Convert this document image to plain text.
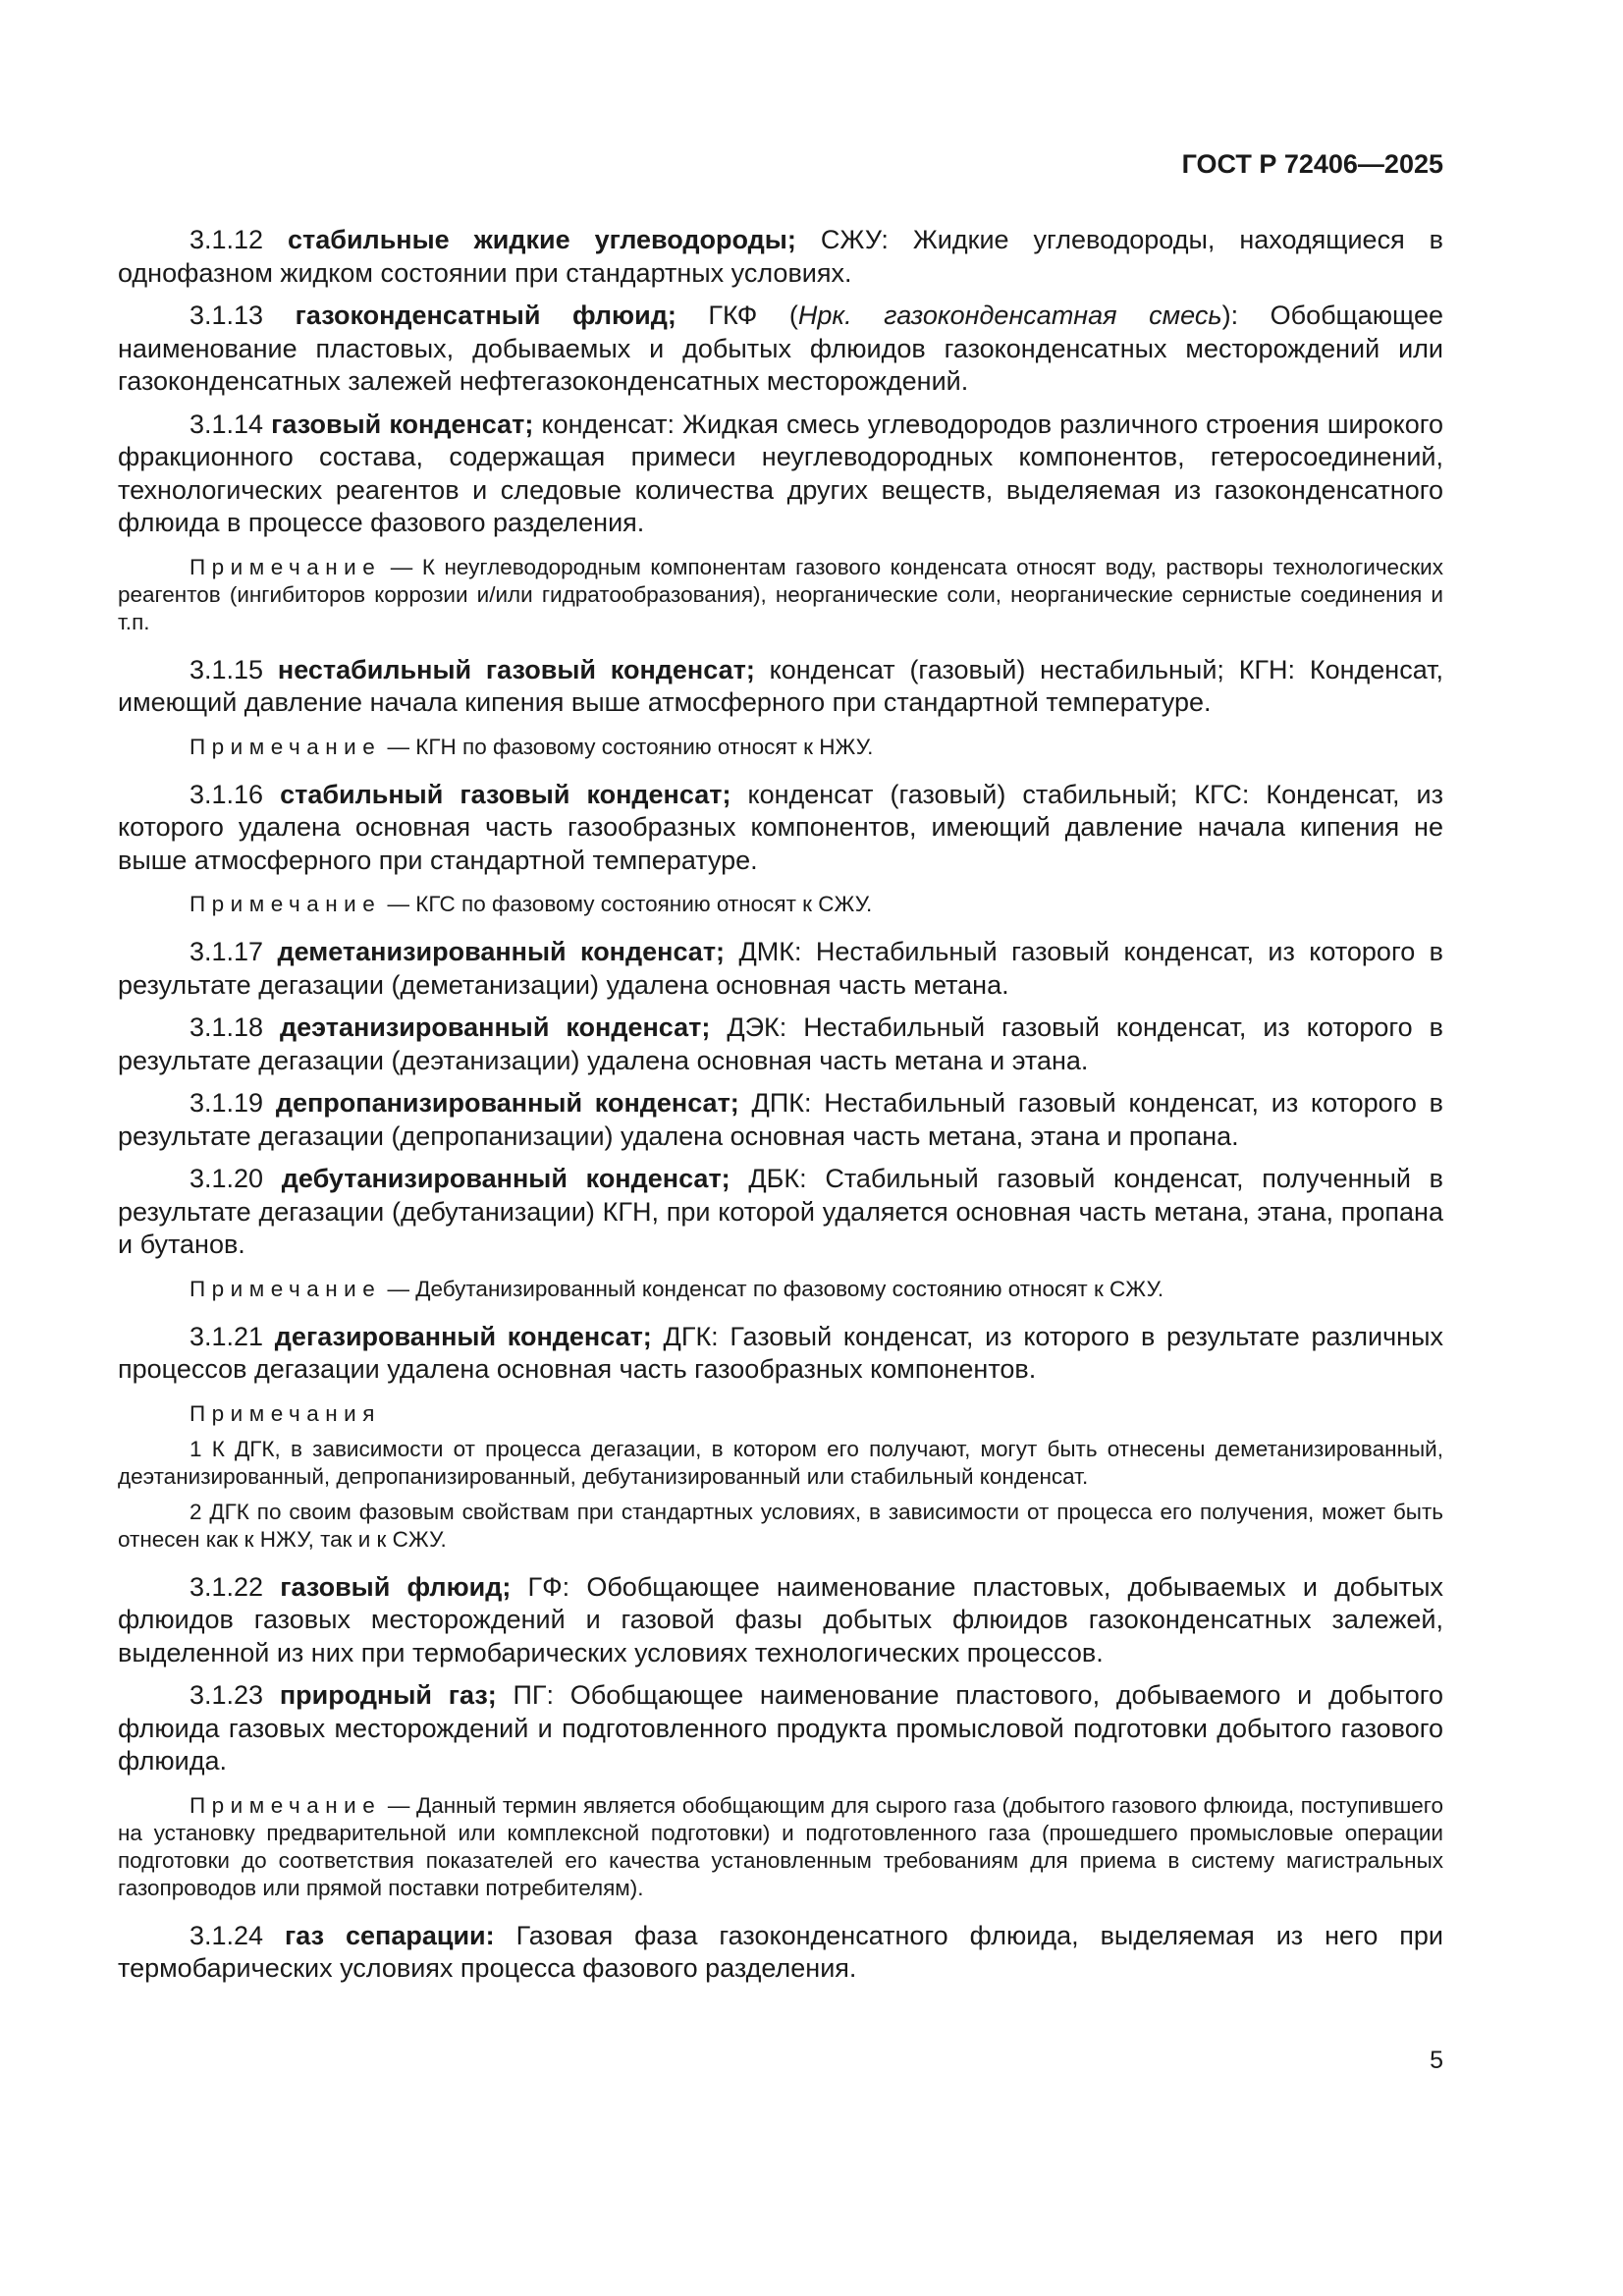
ГОСТ Р 72406—2025

3.1.12 стабильные жидкие углеводороды; СЖУ: Жидкие углеводороды, находящиеся в однофазном жидком состоянии при стандартных условиях.

3.1.13 газоконденсатный флюид; ГКФ (Нрк. газоконденсатная смесь): Обобщающее наименование пластовых, добываемых и добытых флюидов газоконденсатных месторождений или газоконденсатных залежей нефтегазоконденсатных месторождений.

3.1.14 газовый конденсат; конденсат: Жидкая смесь углеводородов различного строения широкого фракционного состава, содержащая примеси неуглеводородных компонентов, гетеросоединений, технологических реагентов и следовые количества других веществ, выделяемая из газоконденсатного флюида в процессе фазового разделения.

Примечание — К неуглеводородным компонентам газового конденсата относят воду, растворы технологических реагентов (ингибиторов коррозии и/или гидратообразования), неорганические соли, неорганические сернистые соединения и т.п.

3.1.15 нестабильный газовый конденсат; конденсат (газовый) нестабильный; КГН: Конденсат, имеющий давление начала кипения выше атмосферного при стандартной температуре.

Примечание — КГН по фазовому состоянию относят к НЖУ.

3.1.16 стабильный газовый конденсат; конденсат (газовый) стабильный; КГС: Конденсат, из которого удалена основная часть газообразных компонентов, имеющий давление начала кипения не выше атмосферного при стандартной температуре.

Примечание — КГС по фазовому состоянию относят к СЖУ.

3.1.17 деметанизированный конденсат; ДМК: Нестабильный газовый конденсат, из которого в результате дегазации (деметанизации) удалена основная часть метана.

3.1.18 деэтанизированный конденсат; ДЭК: Нестабильный газовый конденсат, из которого в результате дегазации (деэтанизации) удалена основная часть метана и этана.

3.1.19 депропанизированный конденсат; ДПК: Нестабильный газовый конденсат, из которого в результате дегазации (депропанизации) удалена основная часть метана, этана и пропана.

3.1.20 дебутанизированный конденсат; ДБК: Стабильный газовый конденсат, полученный в результате дегазации (дебутанизации) КГН, при которой удаляется основная часть метана, этана, пропана и бутанов.

Примечание — Дебутанизированный конденсат по фазовому состоянию относят к СЖУ.

3.1.21 дегазированный конденсат; ДГК: Газовый конденсат, из которого в результате различных процессов дегазации удалена основная часть газообразных компонентов.

Примечания

1 К ДГК, в зависимости от процесса дегазации, в котором его получают, могут быть отнесены деметанизированный, деэтанизированный, депропанизированный, дебутанизированный или стабильный конденсат.

2 ДГК по своим фазовым свойствам при стандартных условиях, в зависимости от процесса его получения, может быть отнесен как к НЖУ, так и к СЖУ.

3.1.22 газовый флюид; ГФ: Обобщающее наименование пластовых, добываемых и добытых флюидов газовых месторождений и газовой фазы добытых флюидов газоконденсатных залежей, выделенной из них при термобарических условиях технологических процессов.

3.1.23 природный газ; ПГ: Обобщающее наименование пластового, добываемого и добытого флюида газовых месторождений и подготовленного продукта промысловой подготовки добытого газового флюида.

Примечание — Данный термин является обобщающим для сырого газа (добытого газового флюида, поступившего на установку предварительной или комплексной подготовки) и подготовленного газа (прошедшего промысловые операции подготовки до соответствия показателей его качества установленным требованиям для приема в систему магистральных газопроводов или прямой поставки потребителям).

3.1.24 газ сепарации: Газовая фаза газоконденсатного флюида, выделяемая из него при термобарических условиях процесса фазового разделения.

5
